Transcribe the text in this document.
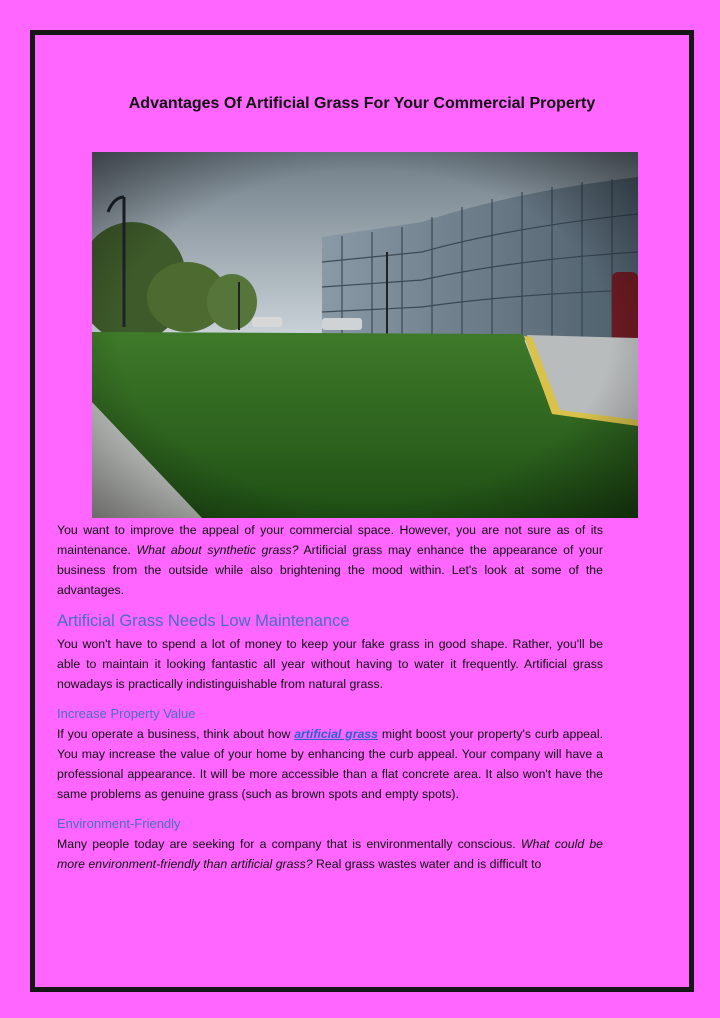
Advantages Of Artificial Grass For Your Commercial Property

You want to improve the appeal of your commercial space. However, you are not sure as of its maintenance. What about synthetic grass? Artificial grass may enhance the appearance of your business from the outside while also brightening the mood within. Let's look at some of the advantages.

Artificial Grass Needs Low Maintenance

You won't have to spend a lot of money to keep your fake grass in good shape. Rather, you'll be able to maintain it looking fantastic all year without having to water it frequently. Artificial grass nowadays is practically indistinguishable from natural grass.

Increase Property Value

If you operate a business, think about how artificial grass might boost your property's curb appeal. You may increase the value of your home by enhancing the curb appeal. Your company will have a professional appearance. It will be more accessible than a flat concrete area. It also won't have the same problems as genuine grass (such as brown spots and empty spots).

Environment-Friendly

Many people today are seeking for a company that is environmentally conscious. What could be more environment-friendly than artificial grass? Real grass wastes water and is difficult to
